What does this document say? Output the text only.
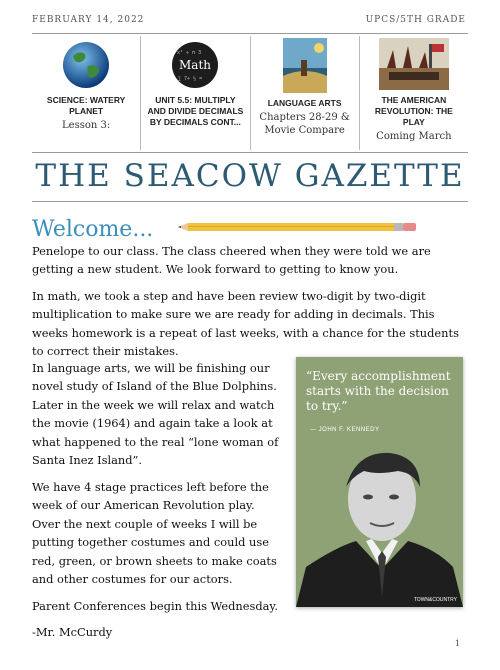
FEBRUARY 14, 2022	UPCS/5TH GRADE
SCIENCE: WATERY PLANET

Lesson 3:

x² ÷ π 3
∑ 7+ ½ =
Math
UNIT 5.5: MULTIPLY AND DIVIDE DECIMALS BY DECIMALS CONT...

LANGUAGE ARTS

Chapters 28-29 & Movie Compare

THE AMERICAN REVOLUTION: THE PLAY

Coming March

THE SEACOW GAZETTE
Welcome...

Penelope to our class. The class cheered when they were told we are getting a new student. We look forward to getting to know you.

In math, we took a step and have been review two-digit by two-digit multiplication to make sure we are ready for adding in decimals. This weeks homework is a repeat of last weeks, with a chance for the students to correct their mistakes.

In language arts, we will be finishing our novel study of Island of the Blue Dolphins. Later in the week we will relax and watch the movie (1964) and again take a look at what happened to the real “lone woman of Santa Inez Island”.

We have 4 stage practices left before the week of our American Revolution play. Over the next couple of weeks I will be putting together costumes and could use red, green, or brown sheets to make coats and other costumes for our actors.

Parent Conferences begin this Wednesday.

-Mr. McCurdy

“Every accomplishment starts with the decision to try.”
— JOHN F. KENNEDY
TOWN&COUNTRY
1
